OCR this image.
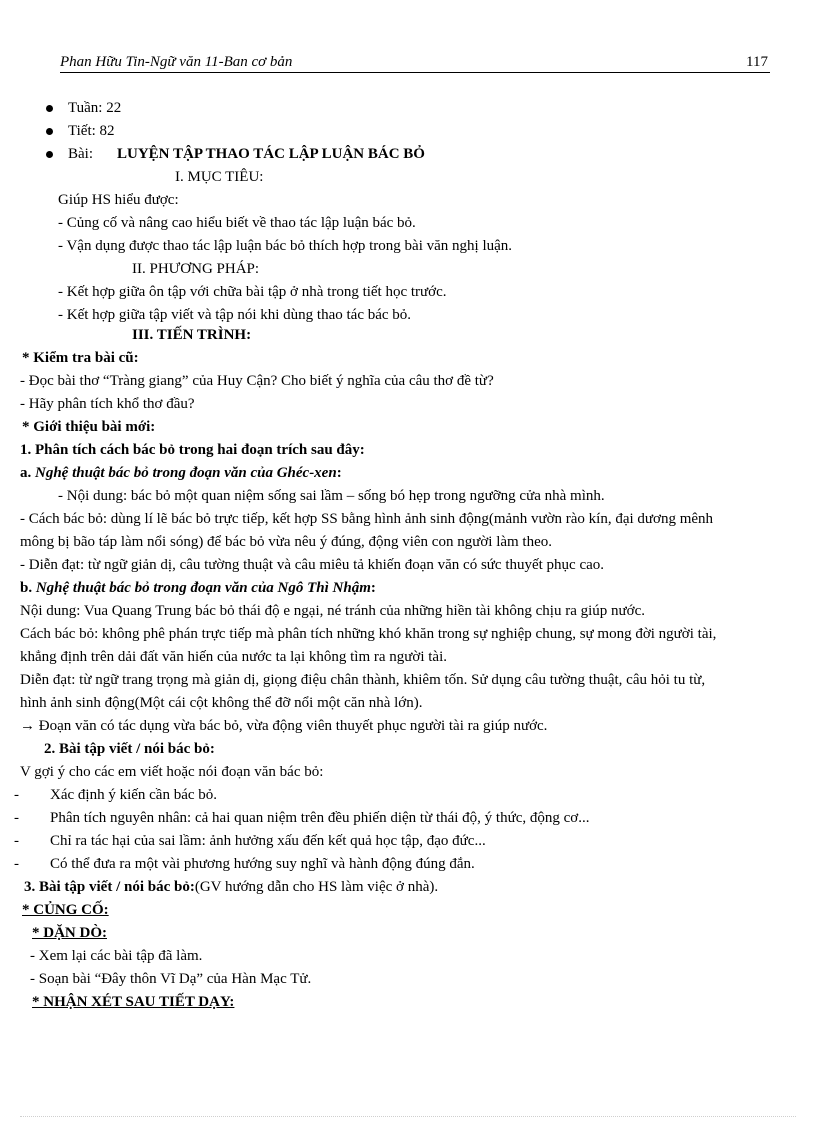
Phan Hữu Tin-Ngữ văn 11-Ban cơ bản	117
Tuần: 22
Tiết: 82
Bài: LUYỆN TẬP THAO TÁC LẬP LUẬN BÁC BỎ
I. MỤC TIÊU:
Giúp HS hiểu được:
- Củng cố và nâng cao hiểu biết về thao tác lập luận bác bỏ.
- Vận dụng được thao tác lập luận bác bỏ thích hợp trong bài văn nghị luận.
II. PHƯƠNG PHÁP:
- Kết hợp giữa ôn tập với chữa bài tập ở nhà trong tiết học trước.
- Kết hợp giữa tập viết và tập nói khi dùng thao tác bác bỏ.
III. TIẾN TRÌNH:
* Kiểm tra bài cũ:
- Đọc bài thơ “Tràng giang” của Huy Cận? Cho biết ý nghĩa của câu thơ đề từ?
- Hãy phân tích khổ thơ đầu?
* Giới thiệu bài mới:
1. Phân tích cách bác bỏ trong hai đoạn trích sau đây:
a. Nghệ thuật bác bỏ trong đoạn văn của Ghéc-xen:
- Nội dung: bác bỏ một quan niệm sống sai lầm – sống bó hẹp trong ngưỡng cửa nhà mình.
- Cách bác bỏ: dùng lí lẽ bác bỏ trực tiếp, kết hợp SS bằng hình ảnh sinh động(mảnh vườn rào kín, đại dương mênh
mông bị bão táp làm nổi sóng) để bác bỏ vừa nêu ý đúng, động viên con người làm theo.
- Diễn đạt: từ ngữ giản dị, câu tường thuật và câu miêu tả khiến đoạn văn có sức thuyết phục cao.
b. Nghệ thuật bác bỏ trong đoạn văn của Ngô Thì Nhậm:
Nội dung: Vua Quang Trung bác bỏ thái độ e ngại, né tránh của những hiền tài không chịu ra giúp nước.
Cách bác bỏ: không phê phán trực tiếp mà phân tích những khó khăn trong sự nghiệp chung, sự mong đời người tài,
khẳng định trên dải đất văn hiến của nước ta lại không tìm ra người tài.
Diễn đạt: từ ngữ trang trọng mà giản dị, giọng điệu chân thành, khiêm tốn. Sử dụng câu tường thuật, câu hỏi tu từ,
hình ảnh sinh động(Một cái cột không thể đỡ nổi một căn nhà lớn).
→ Đoạn văn có tác dụng vừa bác bỏ, vừa động viên thuyết phục người tài ra giúp nước.
2. Bài tập viết / nói bác bỏ:
V gợi ý cho các em viết hoặc nói đoạn văn bác bỏ:
- Xác định ý kiến cần bác bỏ.
- Phân tích nguyên nhân: cả hai quan niệm trên đều phiến diện từ thái độ, ý thức, động cơ...
- Chỉ ra tác hại của sai lầm: ảnh hưởng xấu đến kết quả học tập, đạo đức...
- Có thể đưa ra một vài phương hướng suy nghĩ và hành động đúng đắn.
3. Bài tập viết / nói bác bỏ:(GV hướng dẫn cho HS làm việc ở nhà).
* CỦNG CỐ:
* DẶN DÒ:
- Xem lại các bài tập đã làm.
- Soạn bài “Đây thôn Vĩ Dạ” của Hàn Mạc Tử.
* NHẬN XÉT SAU TIẾT DẠY:
